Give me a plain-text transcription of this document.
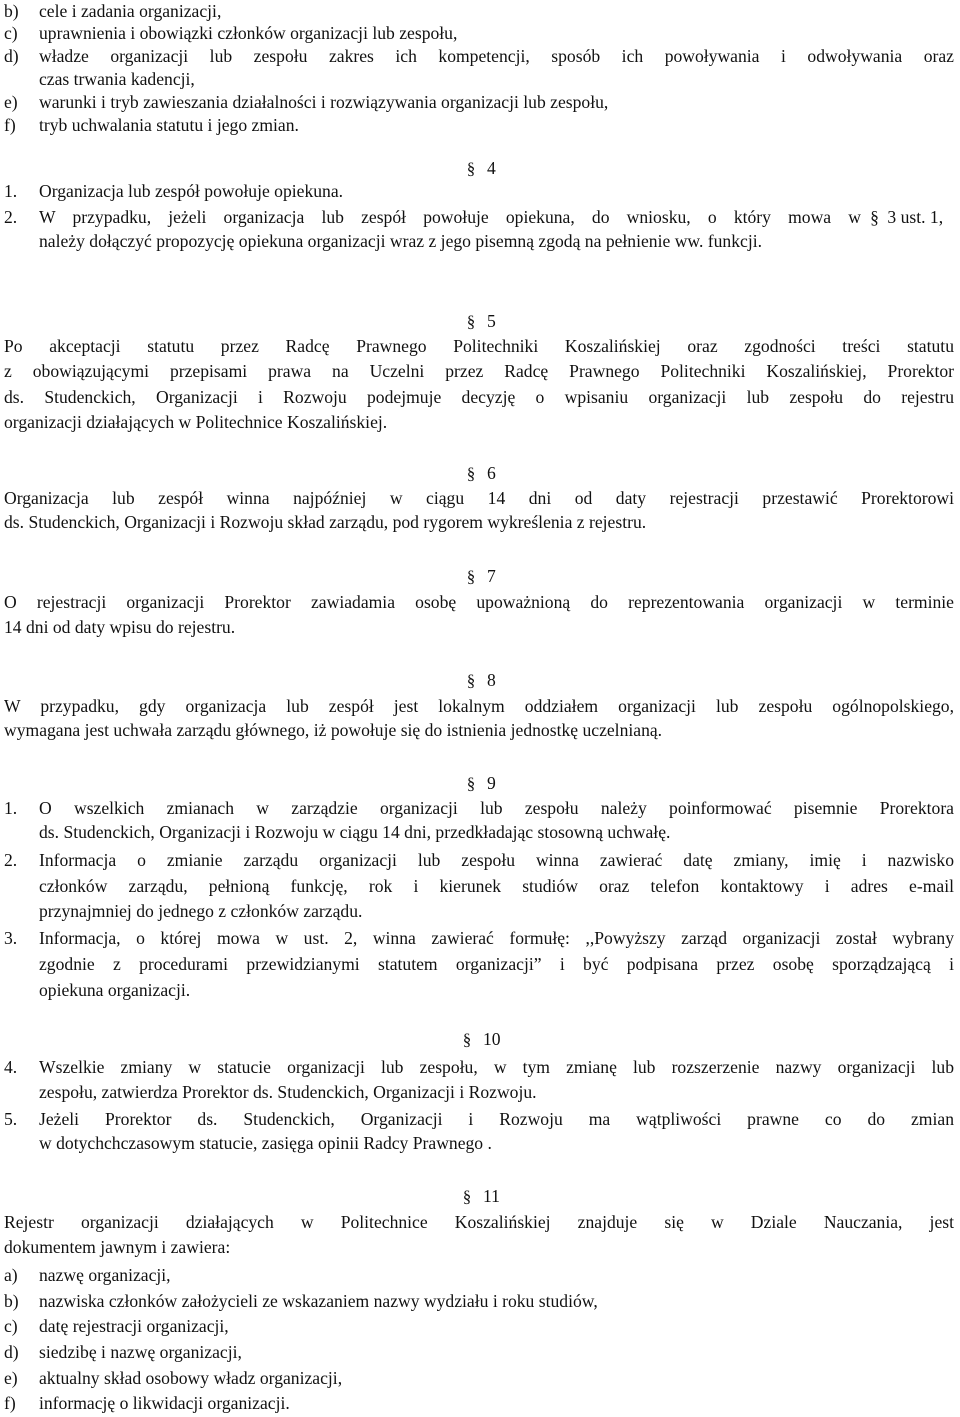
b) cele i zadania organizacji,
c) uprawnienia i obowiązki członków organizacji lub zespołu,
d) władze organizacji lub zespołu zakres ich kompetencji, sposób ich powoływania i odwoływania oraz
czas trwania kadencji,
e) warunki i tryb zawieszania działalności i rozwiązywania organizacji lub zespołu,
f) tryb uchwalania statutu i jego zmian.
§ 4
1. Organizacja lub zespół powołuje opiekuna.
2. W przypadku, jeżeli organizacja lub zespół powołuje opiekuna, do wniosku, o który mowa w § 3 ust. 1,
należy dołączyć propozycję opiekuna organizacji wraz z jego pisemną zgodą na pełnienie ww. funkcji.
§ 5
Po akceptacji statutu przez Radcę Prawnego Politechniki Koszalińskiej oraz zgodności treści statutu
z obowiązującymi przepisami prawa na Uczelni przez Radcę Prawnego Politechniki Koszalińskiej, Prorektor
ds. Studenckich, Organizacji i Rozwoju podejmuje decyzję o wpisaniu organizacji lub zespołu do rejestru
organizacji działających w Politechnice Koszalińskiej.
§ 6
Organizacja lub zespół winna najpóźniej w ciągu 14 dni od daty rejestracji przestawić Prorektorowi
ds. Studenckich, Organizacji i Rozwoju skład zarządu, pod rygorem wykreślenia z rejestru.
§ 7
O rejestracji organizacji Prorektor zawiadamia osobę upoważnioną do reprezentowania organizacji w terminie
14 dni od daty wpisu do rejestru.
§ 8
W przypadku, gdy organizacja lub zespół jest lokalnym oddziałem organizacji lub zespołu ogólnopolskiego,
wymagana jest uchwała zarządu głównego, iż powołuje się do istnienia jednostkę uczelnianą.
§ 9
1. O wszelkich zmianach w zarządzie organizacji lub zespołu należy poinformować pisemnie Prorektora
ds. Studenckich, Organizacji i Rozwoju w ciągu 14 dni, przedkładając stosowną uchwałę.
2. Informacja o zmianie zarządu organizacji lub zespołu winna zawierać datę zmiany, imię i nazwisko
członków zarządu, pełnioną funkcję, rok i kierunek studiów oraz telefon kontaktowy i adres e-mail
przynajmniej do jednego z członków zarządu.
3. Informacja, o której mowa w ust. 2, winna zawierać formułę: ,,Powyższy zarząd organizacji został wybrany
zgodnie z procedurami przewidzianymi statutem organizacji” i być podpisana przez osobę sporządzającą i
opiekuna organizacji.
§ 10
4. Wszelkie zmiany w statucie organizacji lub zespołu, w tym zmianę lub rozszerzenie nazwy organizacji lub
zespołu, zatwierdza Prorektor ds. Studenckich, Organizacji i Rozwoju.
5. Jeżeli Prorektor ds. Studenckich, Organizacji i Rozwoju ma wątpliwości prawne co do zmian
w dotychchczasowym statucie, zasięga opinii Radcy Prawnego .
§ 11
Rejestr organizacji działających w Politechnice Koszalińskiej znajduje się w Dziale Nauczania, jest
dokumentem jawnym i zawiera:
a) nazwę organizacji,
b) nazwiska członków założycieli ze wskazaniem nazwy wydziału i roku studiów,
c) datę rejestracji organizacji,
d) siedzibę i nazwę organizacji,
e) aktualny skład osobowy władz organizacji,
f) informację o likwidacji organizacji.
